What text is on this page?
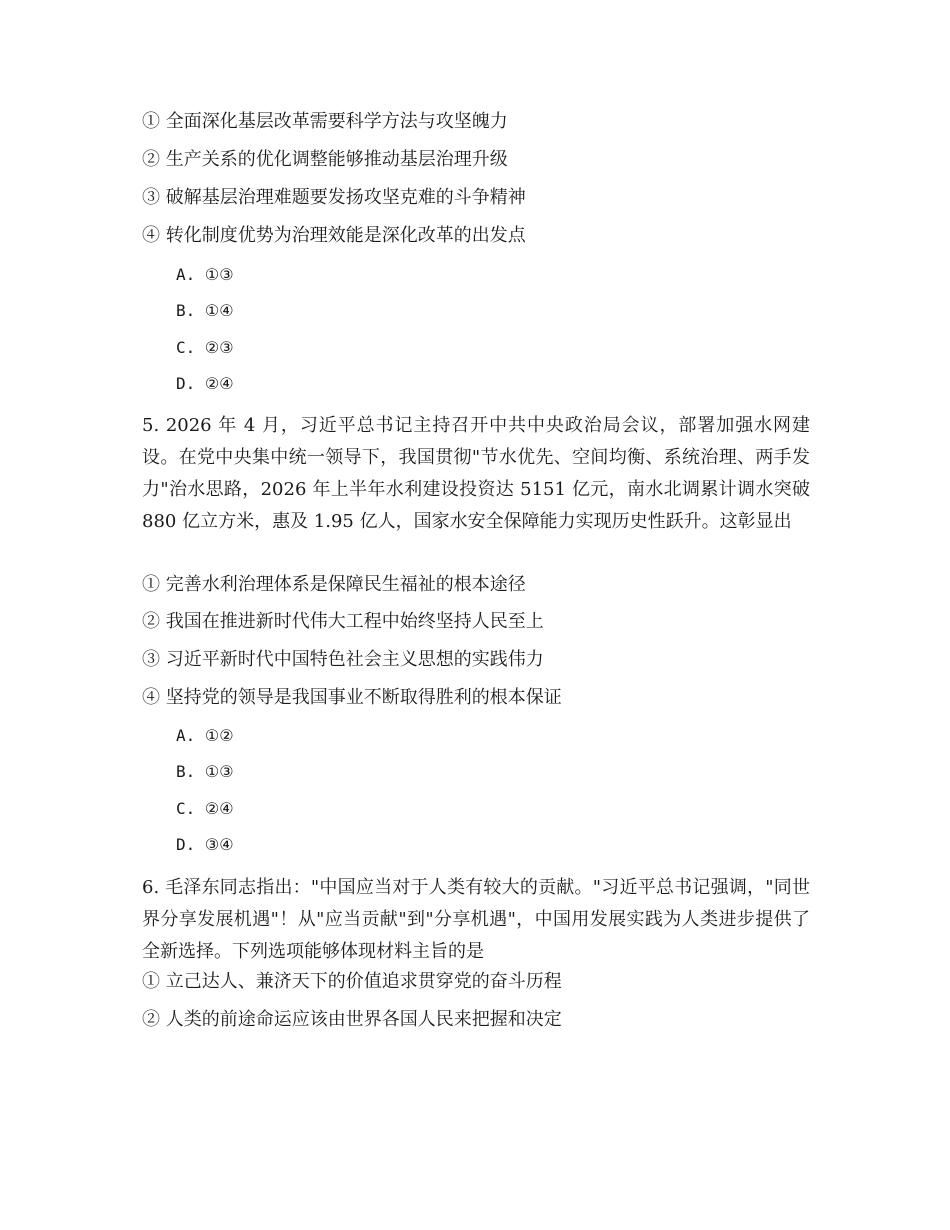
① 全面深化基层改革需要科学方法与攻坚魄力
② 生产关系的优化调整能够推动基层治理升级
③ 破解基层治理难题要发扬攻坚克难的斗争精神
④ 转化制度优势为治理效能是深化改革的出发点
A. ①③
B. ①④
C. ②③
D. ②④
5. 2026 年 4 月，习近平总书记主持召开中共中央政治局会议，部署加强水网建设。在党中央集中统一领导下，我国贯彻"节水优先、空间均衡、系统治理、两手发力"治水思路，2026 年上半年水利建设投资达 5151 亿元，南水北调累计调水突破 880 亿立方米，惠及 1.95 亿人，国家水安全保障能力实现历史性跃升。这彰显出
① 完善水利治理体系是保障民生福祉的根本途径
② 我国在推进新时代伟大工程中始终坚持人民至上
③ 习近平新时代中国特色社会主义思想的实践伟力
④ 坚持党的领导是我国事业不断取得胜利的根本保证
A. ①②
B. ①③
C. ②④
D. ③④
6. 毛泽东同志指出："中国应当对于人类有较大的贡献。"习近平总书记强调，"同世界分享发展机遇"！从"应当贡献"到"分享机遇"，中国用发展实践为人类进步提供了全新选择。下列选项能够体现材料主旨的是
① 立己达人、兼济天下的价值追求贯穿党的奋斗历程
② 人类的前途命运应该由世界各国人民来把握和决定
